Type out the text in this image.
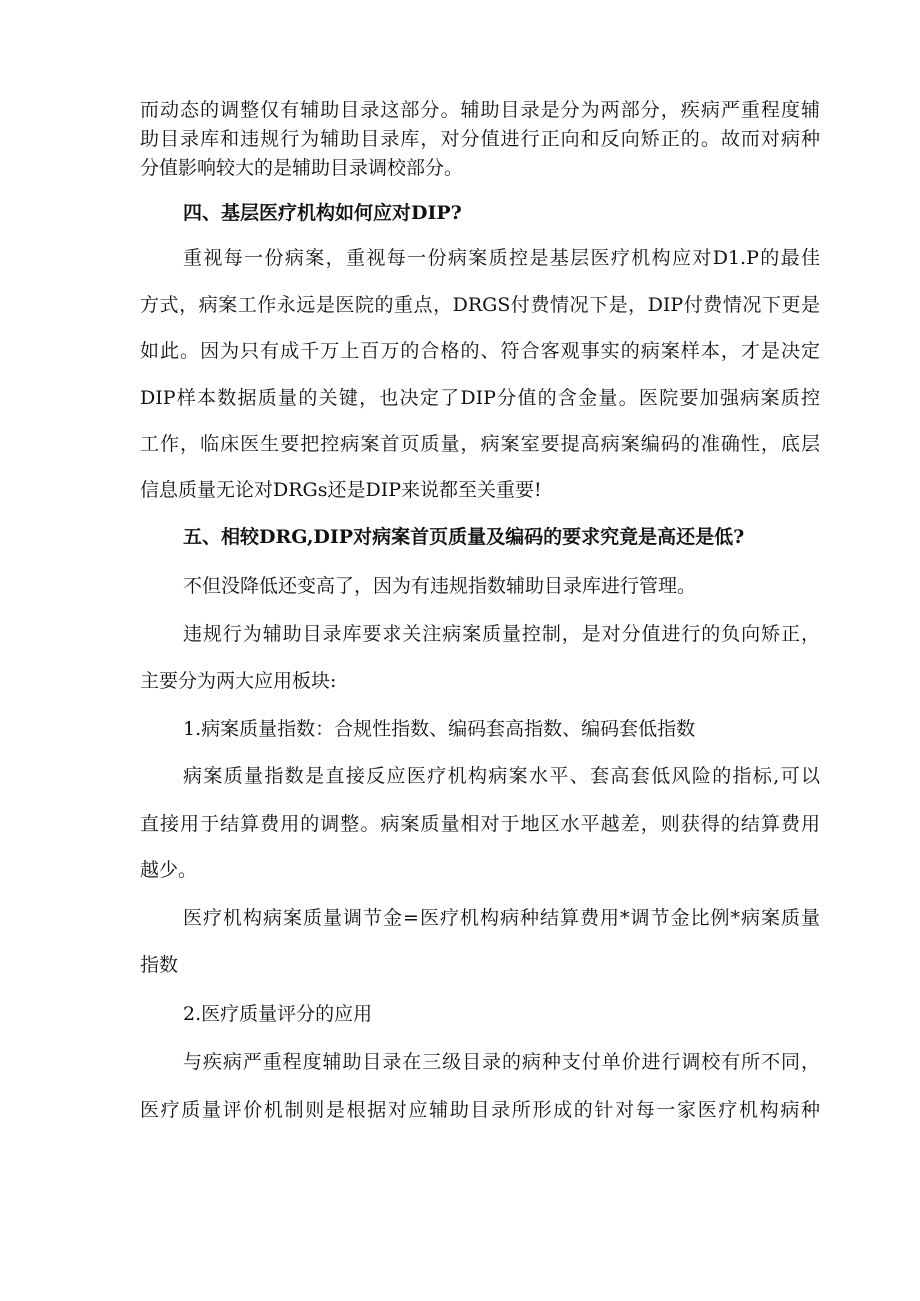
而动态的调整仅有辅助目录这部分。辅助目录是分为两部分，疾病严重程度辅
助目录库和违规行为辅助目录库，对分值进行正向和反向矫正的。故而对病种
分值影响较大的是辅助目录调校部分。
四、基层医疗机构如何应对DIP?
重视每一份病案，重视每一份病案质控是基层医疗机构应对D1.P的最佳
方式，病案工作永远是医院的重点，DRGS付费情况下是，DIP付费情况下更是
如此。因为只有成千万上百万的合格的、符合客观事实的病案样本，才是决定
DIP样本数据质量的关键，也决定了DIP分值的含金量。医院要加强病案质控
工作，临床医生要把控病案首页质量，病案室要提高病案编码的准确性，底层
信息质量无论对DRGs还是DIP来说都至关重要!
五、相较DRG,DIP对病案首页质量及编码的要求究竟是高还是低?
不但没降低还变高了，因为有违规指数辅助目录库进行管理。
违规行为辅助目录库要求关注病案质量控制，是对分值进行的负向矫正，
主要分为两大应用板块:
1.病案质量指数：合规性指数、编码套高指数、编码套低指数
病案质量指数是直接反应医疗机构病案水平、套高套低风险的指标,可以
直接用于结算费用的调整。病案质量相对于地区水平越差，则获得的结算费用
越少。
医疗机构病案质量调节金=医疗机构病种结算费用*调节金比例*病案质量
指数
2.医疗质量评分的应用
与疾病严重程度辅助目录在三级目录的病种支付单价进行调校有所不同，
医疗质量评价机制则是根据对应辅助目录所形成的针对每一家医疗机构病种
